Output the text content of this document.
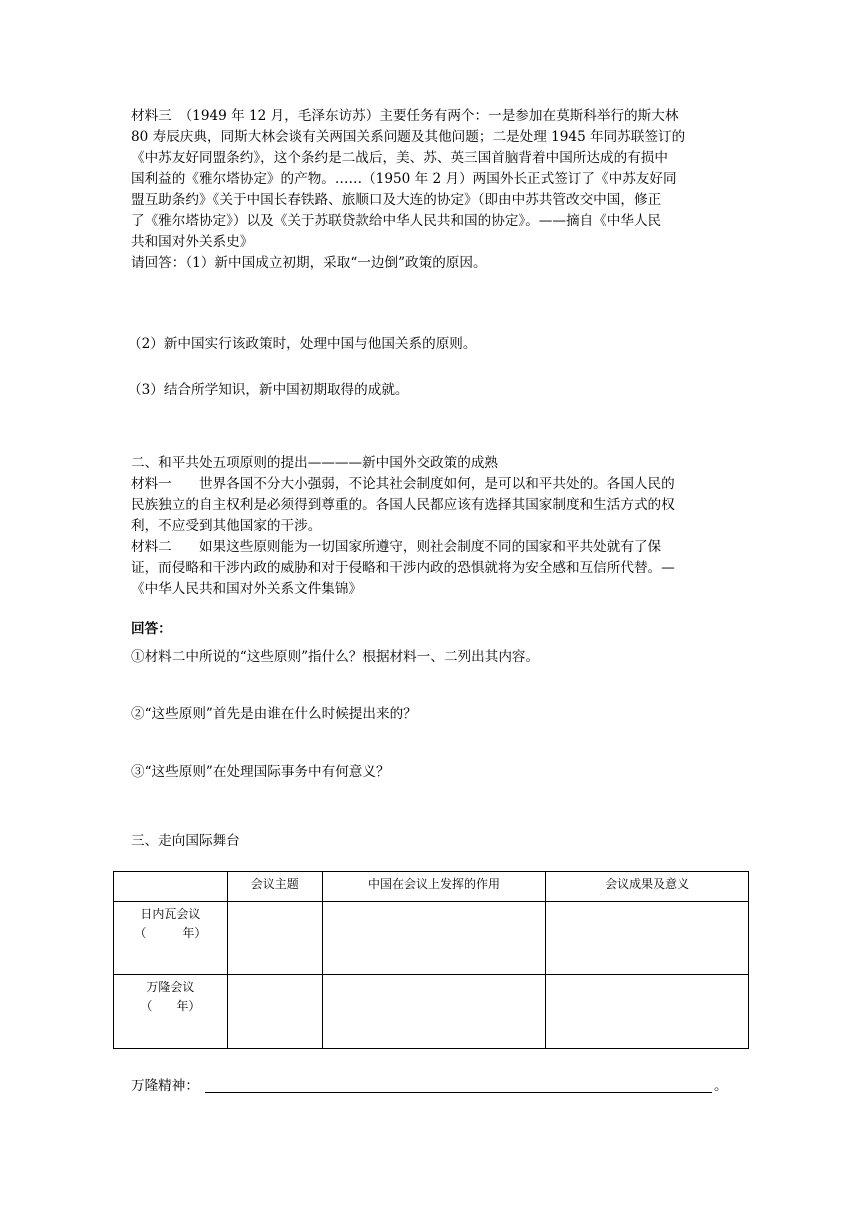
材料三　（1949 年 12 月，毛泽东访苏）主要任务有两个：一是参加在莫斯科举行的斯大林

80 寿辰庆典，同斯大林会谈有关两国关系问题及其他问题；二是处理 1945 年同苏联签订的

《中苏友好同盟条约》，这个条约是二战后，美、苏、英三国首脑背着中国所达成的有损中

国利益的《雅尔塔协定》的产物。……（1950 年 2 月）两国外长正式签订了《中苏友好同

盟互助条约》《关于中国长春铁路、旅顺口及大连的协定》（即由中苏共管改交中国，修正

了《雅尔塔协定》）以及《关于苏联贷款给中华人民共和国的协定》。——摘自《中华人民

共和国对外关系史》

请回答：（1）新中国成立初期，采取“一边倒”政策的原因。

（2）新中国实行该政策时，处理中国与他国关系的原则。

（3）结合所学知识，新中国初期取得的成就。

二、和平共处五项原则的提出————新中国外交政策的成熟

材料一　　世界各国不分大小强弱，不论其社会制度如何，是可以和平共处的。各国人民的

民族独立的自主权利是必须得到尊重的。各国人民都应该有选择其国家制度和生活方式的权

利，不应受到其他国家的干涉。

材料二　　如果这些原则能为一切国家所遵守，则社会制度不同的国家和平共处就有了保

证，而侵略和干涉内政的威胁和对于侵略和干涉内政的恐惧就将为安全感和互信所代替。—

《中华人民共和国对外关系文件集锦》

回答：

①材料二中所说的“这些原则”指什么？根据材料一、二列出其内容。

②“这些原则”首先是由谁在什么时候提出来的？

③“这些原则”在处理国际事务中有何意义？

三、走向国际舞台

	会议主题	中国在会议上发挥的作用	会议成果及意义
日内瓦会议
（　　　年）			

万隆会议
（　　年）			

万隆精神：	。
